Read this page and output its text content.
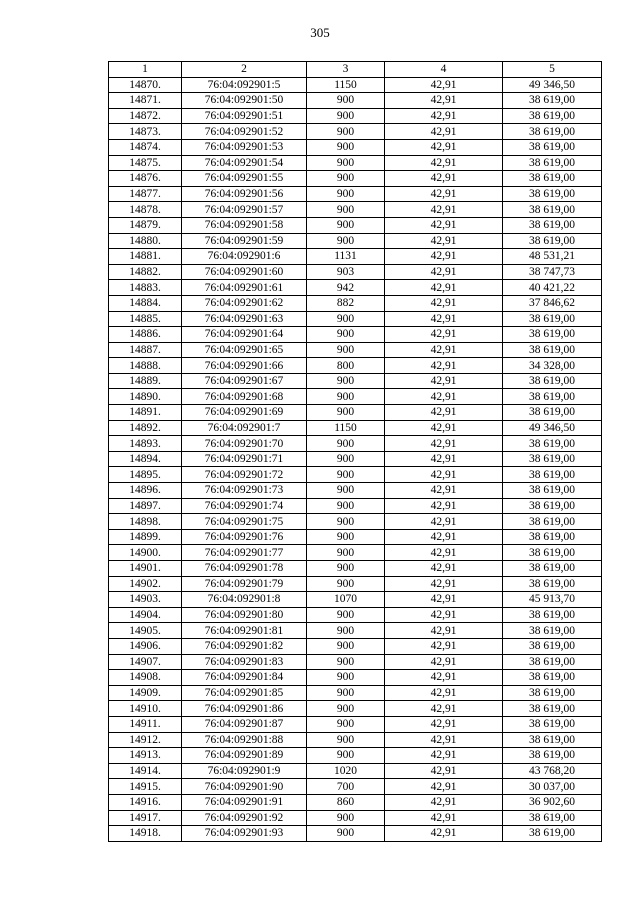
305
1	2	3	4	5
14870.	76:04:092901:5	1150	42,91	49 346,50
14871.	76:04:092901:50	900	42,91	38 619,00
14872.	76:04:092901:51	900	42,91	38 619,00
14873.	76:04:092901:52	900	42,91	38 619,00
14874.	76:04:092901:53	900	42,91	38 619,00
14875.	76:04:092901:54	900	42,91	38 619,00
14876.	76:04:092901:55	900	42,91	38 619,00
14877.	76:04:092901:56	900	42,91	38 619,00
14878.	76:04:092901:57	900	42,91	38 619,00
14879.	76:04:092901:58	900	42,91	38 619,00
14880.	76:04:092901:59	900	42,91	38 619,00
14881.	76:04:092901:6	1131	42,91	48 531,21
14882.	76:04:092901:60	903	42,91	38 747,73
14883.	76:04:092901:61	942	42,91	40 421,22
14884.	76:04:092901:62	882	42,91	37 846,62
14885.	76:04:092901:63	900	42,91	38 619,00
14886.	76:04:092901:64	900	42,91	38 619,00
14887.	76:04:092901:65	900	42,91	38 619,00
14888.	76:04:092901:66	800	42,91	34 328,00
14889.	76:04:092901:67	900	42,91	38 619,00
14890.	76:04:092901:68	900	42,91	38 619,00
14891.	76:04:092901:69	900	42,91	38 619,00
14892.	76:04:092901:7	1150	42,91	49 346,50
14893.	76:04:092901:70	900	42,91	38 619,00
14894.	76:04:092901:71	900	42,91	38 619,00
14895.	76:04:092901:72	900	42,91	38 619,00
14896.	76:04:092901:73	900	42,91	38 619,00
14897.	76:04:092901:74	900	42,91	38 619,00
14898.	76:04:092901:75	900	42,91	38 619,00
14899.	76:04:092901:76	900	42,91	38 619,00
14900.	76:04:092901:77	900	42,91	38 619,00
14901.	76:04:092901:78	900	42,91	38 619,00
14902.	76:04:092901:79	900	42,91	38 619,00
14903.	76:04:092901:8	1070	42,91	45 913,70
14904.	76:04:092901:80	900	42,91	38 619,00
14905.	76:04:092901:81	900	42,91	38 619,00
14906.	76:04:092901:82	900	42,91	38 619,00
14907.	76:04:092901:83	900	42,91	38 619,00
14908.	76:04:092901:84	900	42,91	38 619,00
14909.	76:04:092901:85	900	42,91	38 619,00
14910.	76:04:092901:86	900	42,91	38 619,00
14911.	76:04:092901:87	900	42,91	38 619,00
14912.	76:04:092901:88	900	42,91	38 619,00
14913.	76:04:092901:89	900	42,91	38 619,00
14914.	76:04:092901:9	1020	42,91	43 768,20
14915.	76:04:092901:90	700	42,91	30 037,00
14916.	76:04:092901:91	860	42,91	36 902,60
14917.	76:04:092901:92	900	42,91	38 619,00
14918.	76:04:092901:93	900	42,91	38 619,00
